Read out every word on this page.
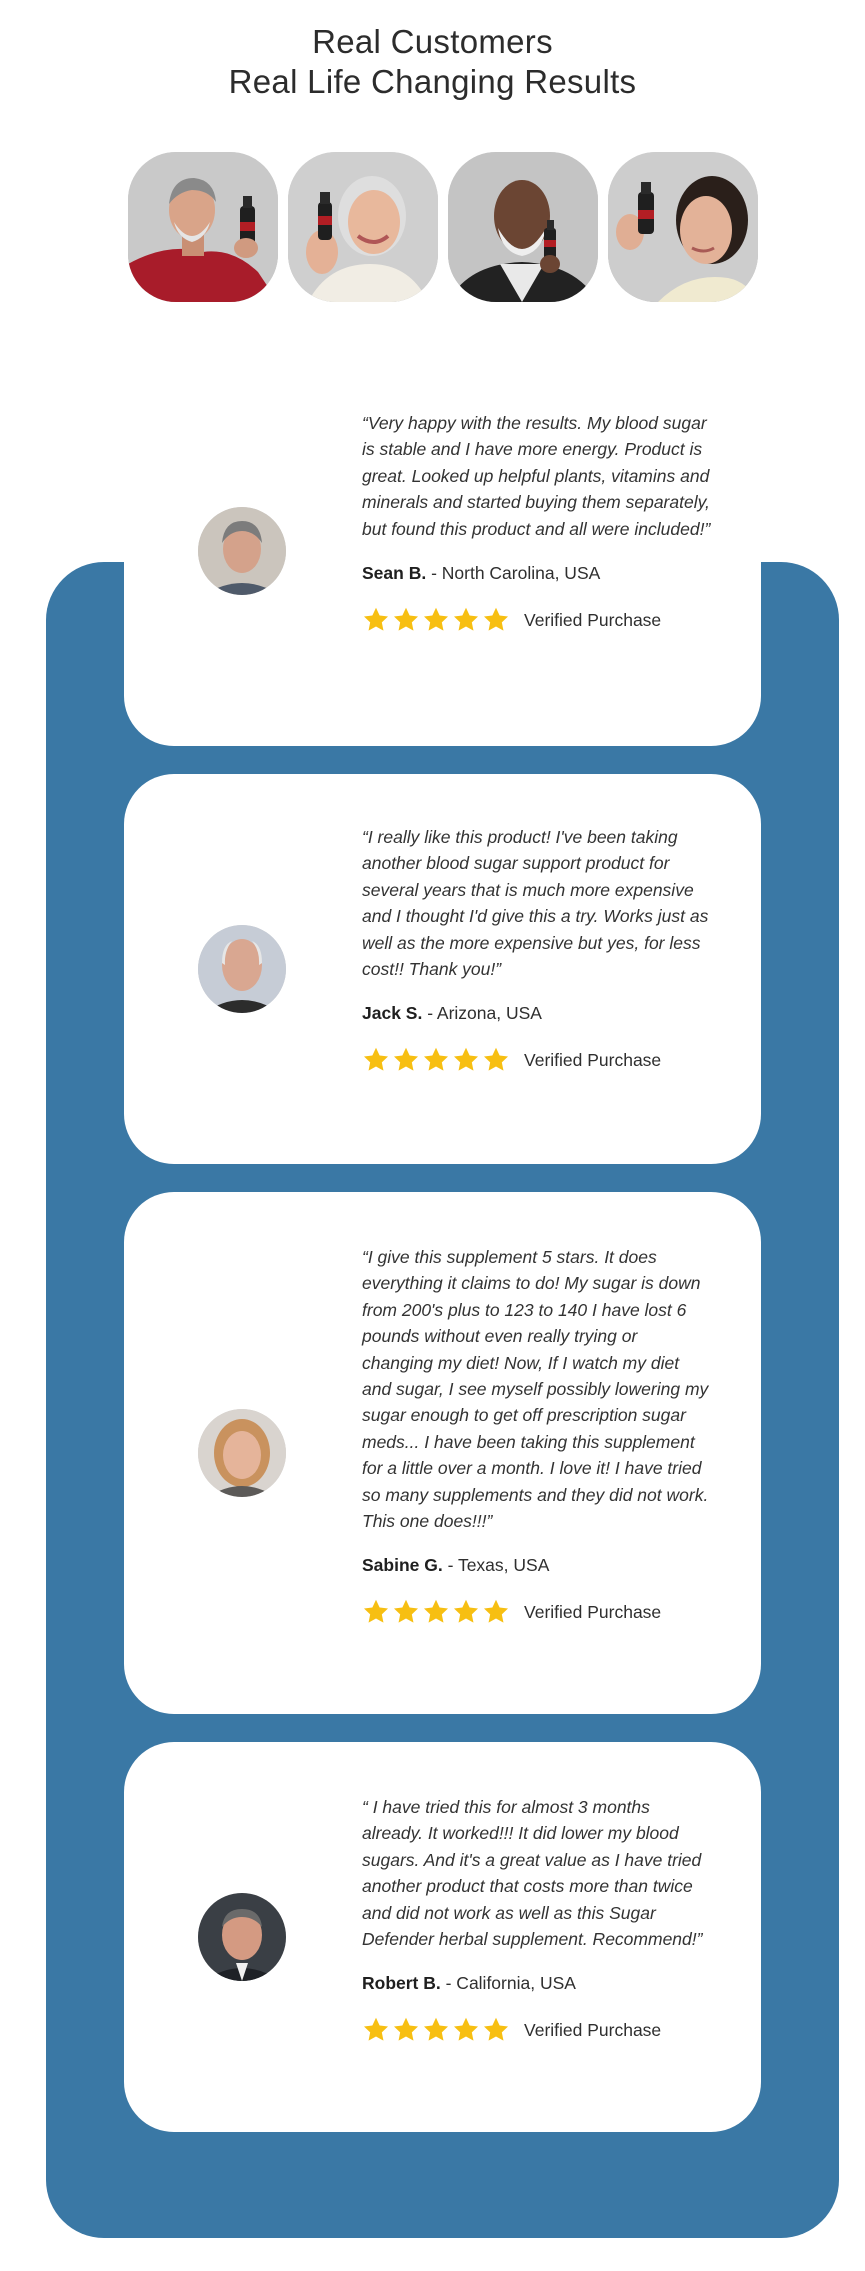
Real Customers
Real Life Changing Results

“Very happy with the results. My blood sugar is stable and I have more energy. Product is great. Looked up helpful plants, vitamins and minerals and started buying them separately, but found this product and all were included!”

Sean B. - North Carolina, USA
Verified Purchase

“I really like this product! I've been taking another blood sugar support product for several years that is much more expensive and I thought I'd give this a try. Works just as well as the more expensive but yes, for less cost!! Thank you!”

Jack S. - Arizona, USA
Verified Purchase

“I give this supplement 5 stars. It does everything it claims to do! My sugar is down from 200's plus to 123 to 140 I have lost 6 pounds without even really trying or changing my diet! Now, If I watch my diet and sugar, I see myself possibly lowering my sugar enough to get off prescription sugar meds... I have been taking this supplement for a little over a month. I love it! I have tried so many supplements and they did not work. This one does!!!”

Sabine G. - Texas, USA
Verified Purchase

“ I have tried this for almost 3 months already. It worked!!! It did lower my blood sugars. And it's a great value as I have tried another product that costs more than twice and did not work as well as this Sugar Defender herbal supplement. Recommend!”

Robert B. - California, USA
Verified Purchase
